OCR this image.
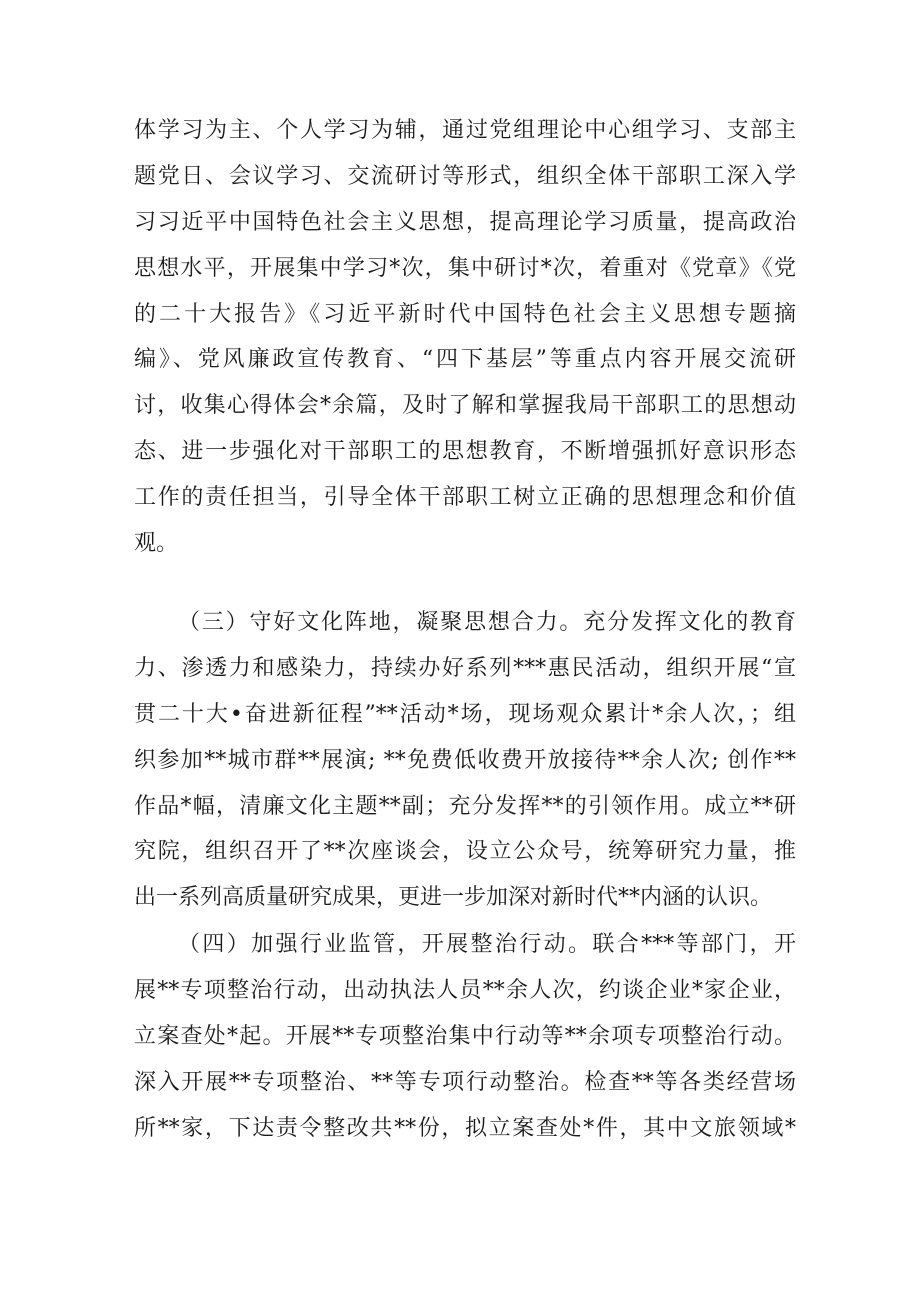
体学习为主、个人学习为辅，通过党组理论中心组学习、支部主
题党日、会议学习、交流研讨等形式，组织全体干部职工深入学
习习近平中国特色社会主义思想，提高理论学习质量，提高政治
思想水平，开展集中学习*次，集中研讨*次，着重对《党章》《党
的二十大报告》《习近平新时代中国特色社会主义思想专题摘
编》、党风廉政宣传教育、“四下基层”等重点内容开展交流研
讨，收集心得体会*余篇，及时了解和掌握我局干部职工的思想动
态、进一步强化对干部职工的思想教育，不断增强抓好意识形态
工作的责任担当，引导全体干部职工树立正确的思想理念和价值
观。
（三）守好文化阵地，凝聚思想合力。充分发挥文化的教育
力、渗透力和感染力，持续办好系列***惠民活动，组织开展“宣
贯二十大•奋进新征程”**活动*场，现场观众累计*余人次，；组
织参加**城市群**展演; **免费低收费开放接待**余人次; 创作**
作品*幅，清廉文化主题**副；充分发挥**的引领作用。成立**研
究院，组织召开了**次座谈会，设立公众号，统筹研究力量，推
出一系列高质量研究成果，更进一步加深对新时代**内涵的认识。
（四）加强行业监管，开展整治行动。联合***等部门，开
展**专项整治行动，出动执法人员**余人次，约谈企业*家企业，
立案查处*起。开展**专项整治集中行动等**余项专项整治行动。
深入开展**专项整治、**等专项行动整治。检查**等各类经营场
所**家，下达责令整改共**份，拟立案查处*件，其中文旅领域*
